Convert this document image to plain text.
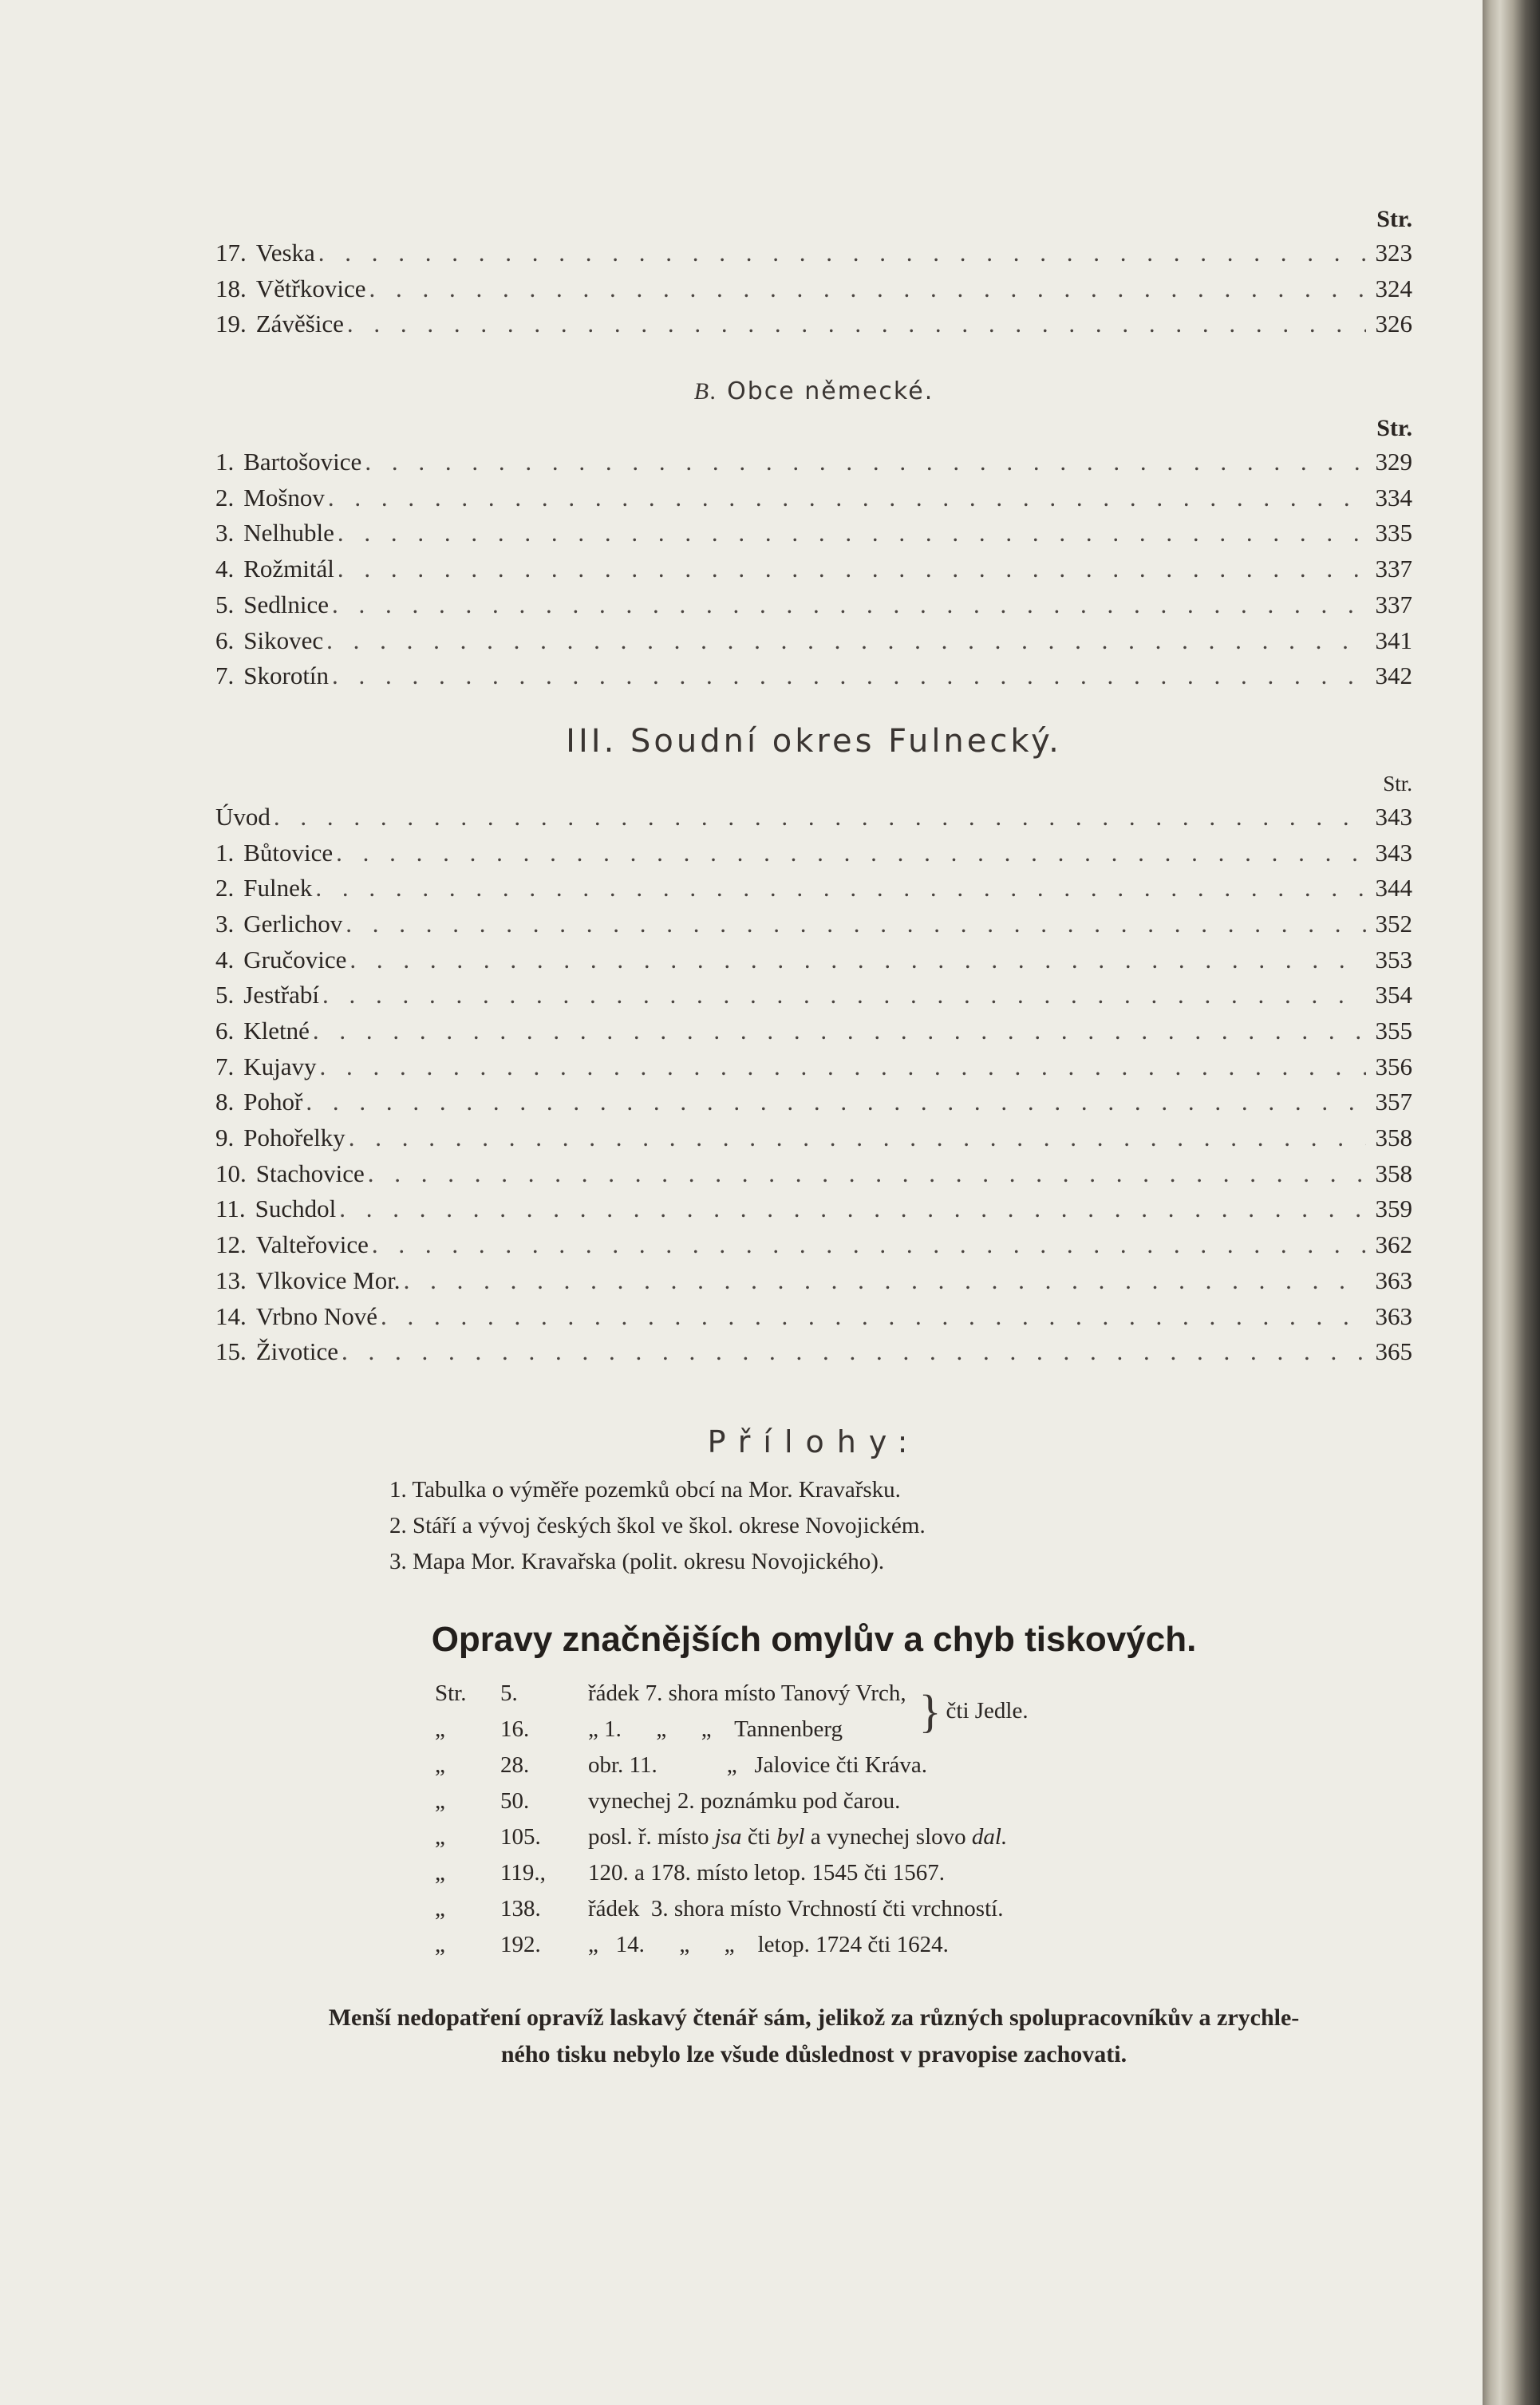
Str.
17. Veska . . .	323
18. Větřkovice . . .	324
19. Závěšice . . .	326
B. Obce německé.
Str.
1. Bartošovice . . .	329
2. Mošnov . . .	334
3. Nelhuble . . .	335
4. Rožmitál . . .	337
5. Sedlnice . . .	337
6. Sikovec . . .	341
7. Skorotín . . .	342
III. Soudní okres Fulnecký.
Str.
Úvod . . .	343
1. Bůtovice . . .	343
2. Fulnek . . .	344
3. Gerlichov . . .	352
4. Gručovice . . .	353
5. Jestřabí . . .	354
6. Kletné . . .	355
7. Kujavy . . .	356
8. Pohoř . . .	357
9. Pohořelky . . .	358
10. Stachovice . . .	358
11. Suchdol . . .	359
12. Valteřovice . . .	362
13. Vlkovice Mor. . . .	363
14. Vrbno Nové . . .	363
15. Životice . . .	365
Přílohy:
1. Tabulka o výměře pozemků obcí na Mor. Kravařsku.
2. Stáří a vývoj českých škol ve škol. okrese Novojickém.
3. Mapa Mor. Kravařska (polit. okresu Novojického).
Opravy značnějších omylův a chyb tiskových.
Str.	5.	řádek 7. shora místo Tanový Vrch,
„	16.	„ 1.      „      „    Tannenberg } čti Jedle.
„	28.	obr. 11.            „   Jalovice čti Kráva.
„	50.	vynechej 2. poznámku pod čarou.
„	105.	posl. ř. místo jsa čti byl a vynechej slovo dal.
„	119.,	120. a 178. místo letop. 1545 čti 1567.
„	138.	řádek  3. shora místo Vrchností čti vrchností.
„	192.	„   14.      „      „    letop. 1724 čti 1624.
Menší nedopatření opravíž laskavý čtenář sám, jelikož za různých spolupracovníkův a zrychle-
ného tisku nebylo lze všude důslednost v pravopise zachovati.
